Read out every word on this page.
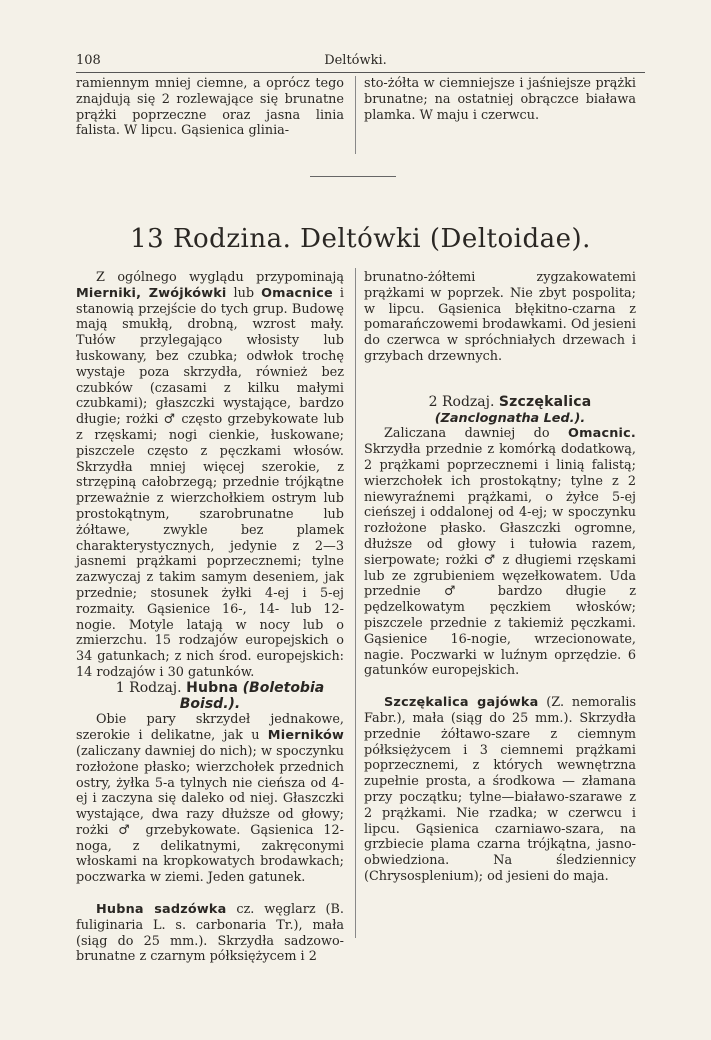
108	Deltówki.

ramiennym mniej ciemne, a oprócz tego znajdują się 2 rozlewające się brunatne prążki poprzeczne oraz jasna linia falista. W lipcu. Gąsienica glinia-

sto-żółta w ciemniejsze i jaśniejsze prążki brunatne; na ostatniej obrączce biaława plamka. W maju i czerwcu.

13 Rodzina. Deltówki (Deltoidae).

Z ogólnego wyglądu przypominają Mierniki, Zwójkówki lub Omacnice i stanowią przejście do tych grup. Budowę mają smukłą, drobną, wzrost mały. Tułów przylegająco włosisty lub łuskowany, bez czubka; odwłok trochę wystaje poza skrzydła, również bez czubków (czasami z kilku małymi czubkami); głaszczki wystające, bardzo długie; rożki ♂ często grzebykowate lub z rzęskami; nogi cienkie, łuskowane; piszczele często z pęczkami włosów. Skrzydła mniej więcej szerokie, z strzępiną całobrzegą; przednie trójkątne przeważnie z wierzchołkiem ostrym lub prostokątnym, szarobrunatne lub żółtawe, zwykle bez plamek charakterystycznych, jedynie z 2—3 jasnemi prążkami poprzecznemi; tylne zazwyczaj z takim samym deseniem, jak przednie; stosunek żyłki 4-ej i 5-ej rozmaity. Gąsienice 16-, 14- lub 12-nogie. Motyle latają w nocy lub o zmierzchu. 15 rodzajów europejskich o 34 gatunkach; z nich środ. europejskich: 14 rodzajów i 30 gatunków.

1 Rodzaj. Hubna (Boletobia Boisd.).

Obie pary skrzydeł jednakowe, szerokie i delikatne, jak u Mierników (zaliczany dawniej do nich); w spoczynku rozłożone płasko; wierzchołek przednich ostry, żyłka 5-a tylnych nie cieńsza od 4-ej i zaczyna się daleko od niej. Głaszczki wystające, dwa razy dłuższe od głowy; rożki ♂ grzebykowate. Gąsienica 12-noga, z delikatnymi, zakręconymi włoskami na kropkowatych brodawkach; poczwarka w ziemi. Jeden gatunek.

Hubna sadzówka cz. węglarz (B. fuliginaria L. s. carbonaria Tr.), mała (siąg do 25 mm.). Skrzydła sadzowo-brunatne z czarnym półksiężycem i 2

brunatno-żółtemi zygzakowatemi prążkami w poprzek. Nie zbyt pospolita; w lipcu. Gąsienica błękitno-czarna z pomarańczowemi brodawkami. Od jesieni do czerwca w spróchniałych drzewach i grzybach drzewnych.

2 Rodzaj. Szczękalica

(Zanclognatha Led.).

Zaliczana dawniej do Omacnic. Skrzydła przednie z komórką dodatkową, 2 prążkami poprzecznemi i linią falistą; wierzchołek ich prostokątny; tylne z 2 niewyraźnemi prążkami, o żyłce 5-ej cieńszej i oddalonej od 4-ej; w spoczynku rozłożone płasko. Głaszczki ogromne, dłuższe od głowy i tułowia razem, sierpowate; rożki ♂ z długiemi rzęskami lub ze zgrubieniem węzełkowatem. Uda przednie ♂ bardzo długie z pędzelkowatym pęczkiem włosków; piszczele przednie z takiemiż pęczkami. Gąsienice 16-nogie, wrzecionowate, nagie. Poczwarki w luźnym oprzędzie. 6 gatunków europejskich.

Szczękalica gajówka (Z. nemoralis Fabr.), mała (siąg do 25 mm.). Skrzydła przednie żółtawo-szare z ciemnym półksiężycem i 3 ciemnemi prążkami poprzecznemi, z których wewnętrzna zupełnie prosta, a środkowa — złamana przy początku; tylne—białawo-szarawe z 2 prążkami. Nie rzadka; w czerwcu i lipcu. Gąsienica czarniawo-szara, na grzbiecie plama czarna trójkątna, jasno-obwiedziona. Na śledziennicy (Chrysosplenium); od jesieni do maja.
